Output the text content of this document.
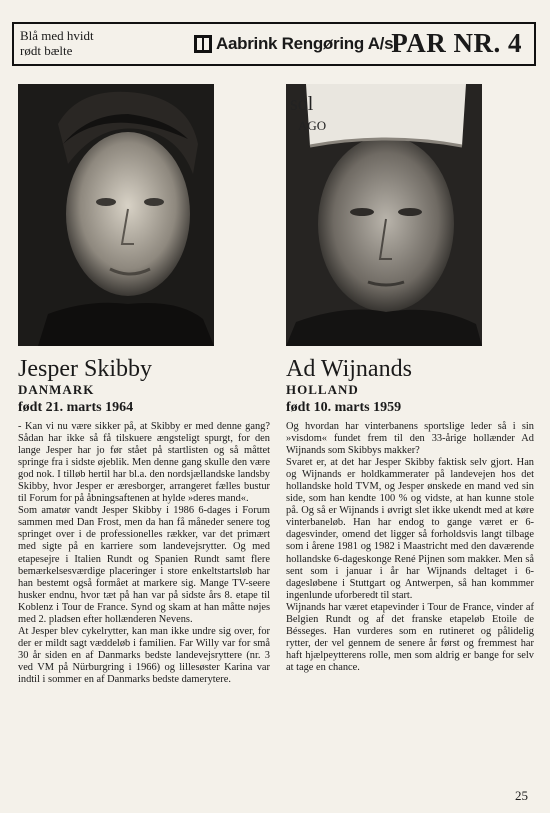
Blå med hvidt
rødt bælte	Aabrink Rengøring A/s
PAR NR. 4
sol
AGO
Jesper Skibby
DANMARK
født 21. marts 1964
- Kan vi nu være sikker på, at Skibby er med denne gang? Sådan har ikke så få tilskuere ængsteligt spurgt, for den lange Jesper har jo før stået på startlisten og så måttet springe fra i sidste øjeblik. Men denne gang skulle den være god nok. I tilløb hertil har bl.a. den nordsjællandske landsby Skibby, hvor Jesper er æresborger, arrangeret fælles bustur til Forum for på åbningsaftenen at hylde »deres mand«.
Som amatør vandt Jesper Skibby i 1986 6-dages i Forum sammen med Dan Frost, men da han få måneder senere tog springet over i de professionelles rækker, var det primært med sigte på en karriere som landevejsrytter. Og med etapesejre i Italien Rundt og Spanien Rundt samt flere bemærkelsesværdige placeringer i store enkeltstartsløb har han bestemt også formået at markere sig. Mange TV-seere husker endnu, hvor tæt på han var på sidste års 8. etape til Koblenz i Tour de France. Synd og skam at han måtte nøjes med 2. pladsen efter hollænderen Nevens.
At Jesper blev cykelrytter, kan man ikke undre sig over, for der er mildt sagt væddeløb i familien. Far Willy var for små 30 år siden en af Danmarks bedste landevejsryttere (nr. 3 ved VM på Nürburgring i 1966) og lillesøster Karina var indtil i sommer en af Danmarks bedste damerytere.
Ad Wijnands
HOLLAND
født 10. marts 1959
Og hvordan har vinterbanens sportslige leder så i sin »visdom« fundet frem til den 33-årige hollænder Ad Wijnands som Skibbys makker?
Svaret er, at det har Jesper Skibby faktisk selv gjort. Han og Wijnands er holdkammerater på landevejen hos det hollandske hold TVM, og Jesper ønskede en mand ved sin side, som han kendte 100 % og vidste, at han kunne stole på. Og så er Wijnands i øvrigt slet ikke ukendt med at køre vinterbaneløb. Han har endog to gange været er 6-dagesvinder, omend det ligger så forholdsvis langt tilbage som i årene 1981 og 1982 i Maastricht med den daværende hollandske 6-dageskonge René Pijnen som makker. Men så sent som i januar i år har Wijnands deltaget i 6-dagesløbene i Stuttgart og Antwerpen, så han kommmer ingenlunde uforberedt til start.
Wijnands har været etapevinder i Tour de France, vinder af Belgien Rundt og af det franske etapeløb Etoile de Bésseges. Han vurderes som en rutineret og pålidelig rytter, der vel gennem de senere år først og fremmest har haft hjælpeytterens rolle, men som aldrig er bange for selv at tage en chance.
25
